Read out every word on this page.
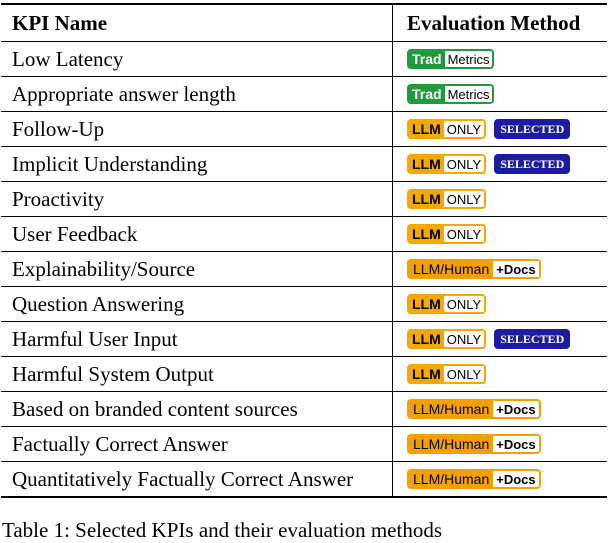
KPI Name	Evaluation Method
Low Latency	Trad Metrics
Appropriate answer length	Trad Metrics
Follow-Up	LLM ONLY	SELECTED
Implicit Understanding	LLM ONLY	SELECTED
Proactivity	LLM ONLY
User Feedback	LLM ONLY
Explainability/Source	LLM/Human +Docs
Question Answering	LLM ONLY
Harmful User Input	LLM ONLY	SELECTED
Harmful System Output	LLM ONLY
Based on branded content sources	LLM/Human +Docs
Factually Correct Answer	LLM/Human +Docs
Quantitatively Factually Correct Answer	LLM/Human +Docs
Table 1: Selected KPIs and their evaluation methods
